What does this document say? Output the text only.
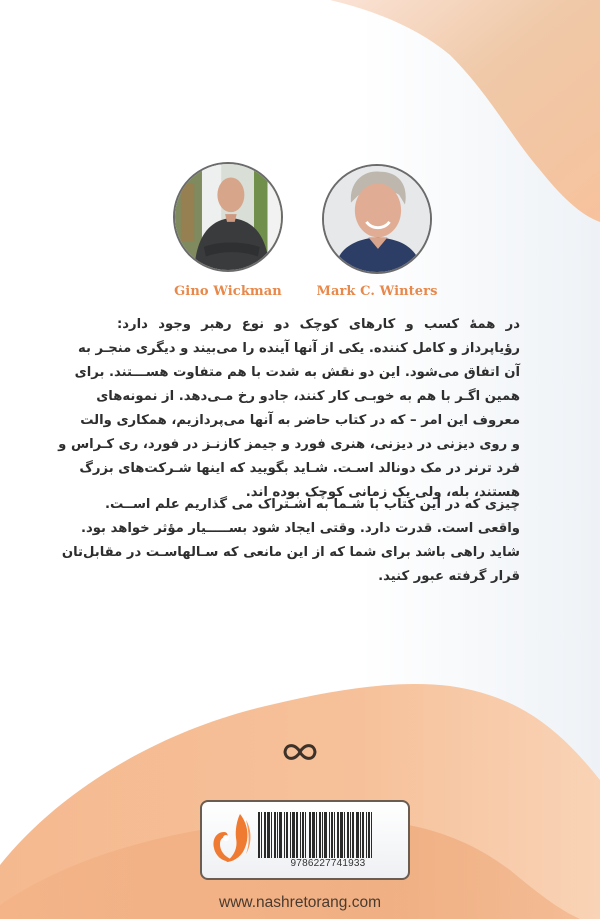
Gino Wickman	Mark C. Winters
در همه‌ٔ کسب و کارهای کوچک دو نوع رهبر وجود دارد:
رؤیاپرداز و کامل کننده. یکی از آنها آینده را می‌بیند و دیگری منجـر به
آن اتفاق می‌شود. این دو نقش به شدت با هم متفاوت هســـتند. برای
همین اگـر با هم به خوبـی کار کنند، جادو رخ مـی‌دهد. از نمونه‌های
معروف این امر – که در کتاب حاضر به آنها می‌پردازیم، همکاری والت
و روی دیزنی در دیزنی، هنری فورد و جیمز کازنـز در فورد، ری کـراس و
فرد ترنر در مک دونالد اسـت. شـاید بگویید که اینها شـرکت‌های بزرگ
هستند، بله، ولی یک زمانی کوچک بوده اند.
چیزی که در این کتاب با شـما به اشـتراک می گذاریم علم اســت.
واقعی است. قدرت دارد. وقتی ایجاد شود بســـــیار مؤثر خواهد بود.
شاید راهی باشد برای شما که از این مانعی که سـالهاسـت در مقابل‌تان
قرار گرفته عبور کنید.
9786227741933
www.nashretorang.com
